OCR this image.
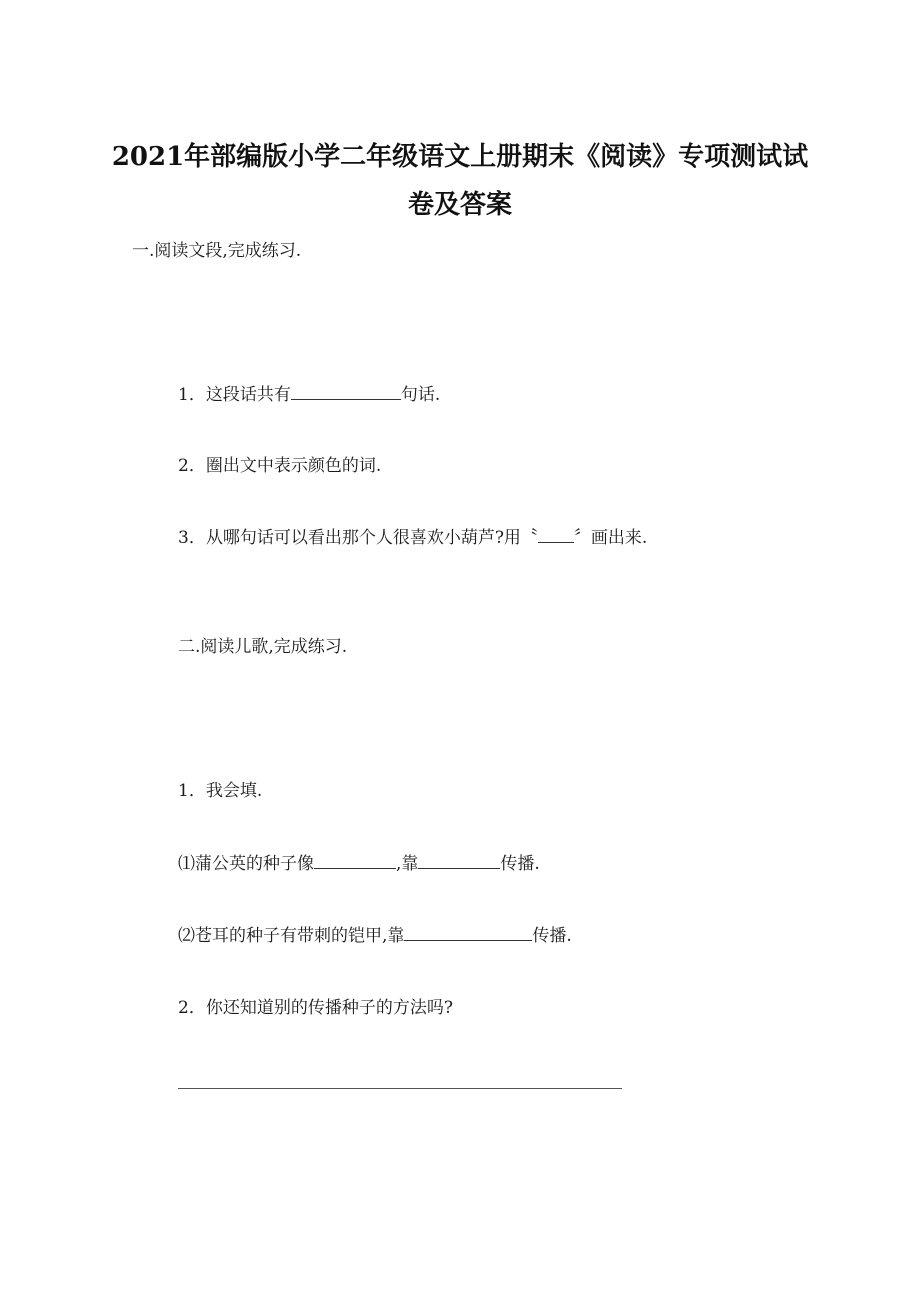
2021年部编版小学二年级语文上册期末《阅读》专项测试试
卷及答案
一.阅读文段,完成练习.
1．这段话共有	句话.
2．圈出文中表示颜色的词.
3．从哪句话可以看出那个人很喜欢小葫芦?用〝 〞画出来.
二.阅读儿歌,完成练习.
1．我会填.
⑴蒲公英的种子像	,靠	传播.
⑵苍耳的种子有带刺的铠甲,靠	传播.
2．你还知道别的传播种子的方法吗?
